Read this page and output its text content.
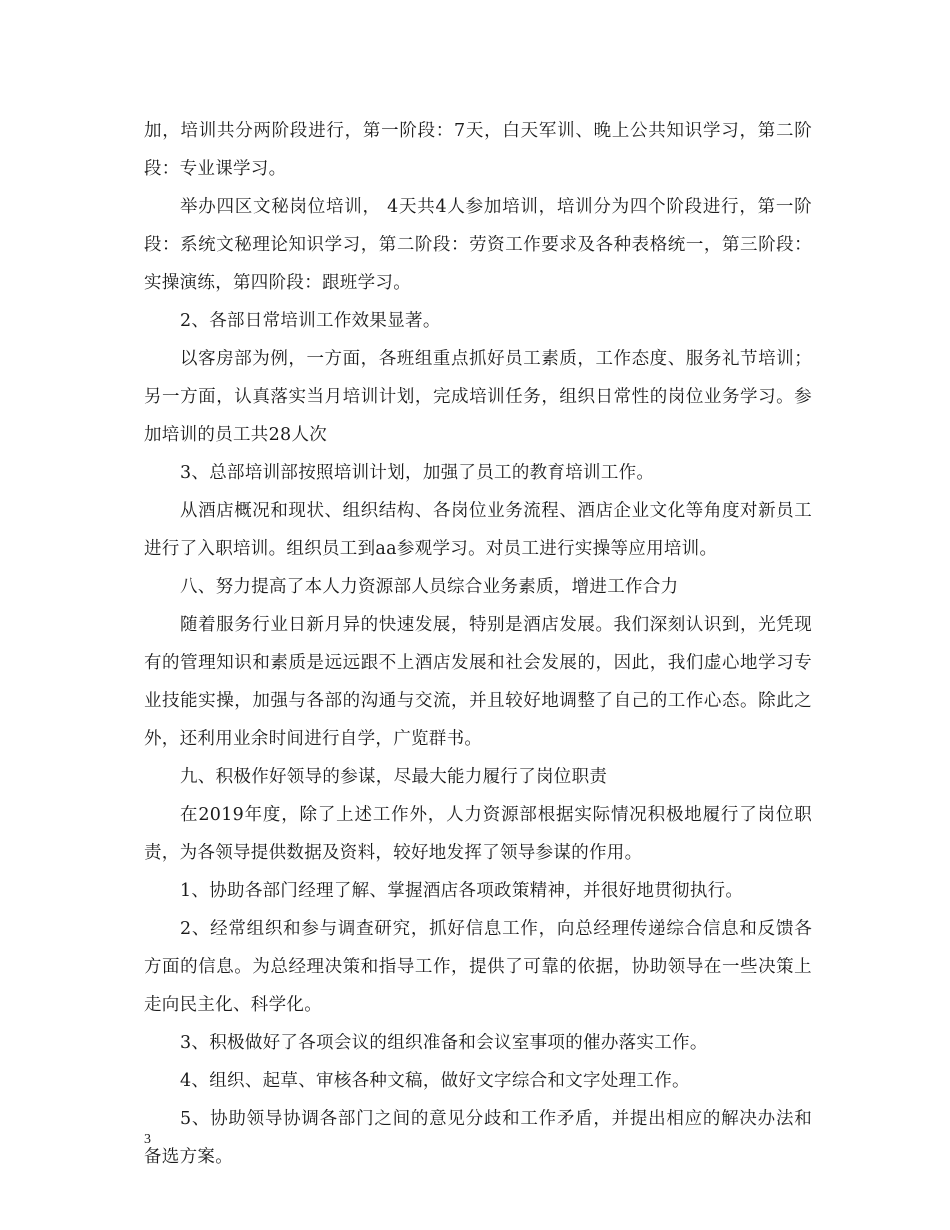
加，培训共分两阶段进行，第一阶段：7天，白天军训、晚上公共知识学习，第二阶段：专业课学习。

举办四区文秘岗位培训， 4天共4人参加培训，培训分为四个阶段进行，第一阶段：系统文秘理论知识学习，第二阶段：劳资工作要求及各种表格统一，第三阶段：实操演练，第四阶段：跟班学习。

2、各部日常培训工作效果显著。

以客房部为例，一方面，各班组重点抓好员工素质，工作态度、服务礼节培训；另一方面，认真落实当月培训计划，完成培训任务，组织日常性的岗位业务学习。参加培训的员工共28人次

3、总部培训部按照培训计划，加强了员工的教育培训工作。

从酒店概况和现状、组织结构、各岗位业务流程、酒店企业文化等角度对新员工进行了入职培训。组织员工到aa参观学习。对员工进行实操等应用培训。

八、努力提高了本人力资源部人员综合业务素质，增进工作合力

随着服务行业日新月异的快速发展，特别是酒店发展。我们深刻认识到，光凭现有的管理知识和素质是远远跟不上酒店发展和社会发展的，因此，我们虚心地学习专业技能实操，加强与各部的沟通与交流，并且较好地调整了自己的工作心态。除此之外，还利用业余时间进行自学，广览群书。

九、积极作好领导的参谋，尽最大能力履行了岗位职责

在2019年度，除了上述工作外，人力资源部根据实际情况积极地履行了岗位职责，为各领导提供数据及资料，较好地发挥了领导参谋的作用。

1、协助各部门经理了解、掌握酒店各项政策精神，并很好地贯彻执行。

2、经常组织和参与调查研究，抓好信息工作，向总经理传递综合信息和反馈各方面的信息。为总经理决策和指导工作，提供了可靠的依据，协助领导在一些决策上走向民主化、科学化。

3、积极做好了各项会议的组织准备和会议室事项的催办落实工作。

4、组织、起草、审核各种文稿，做好文字综合和文字处理工作。

5、协助领导协调各部门之间的意见分歧和工作矛盾，并提出相应的解决办法和备选方案。

3
